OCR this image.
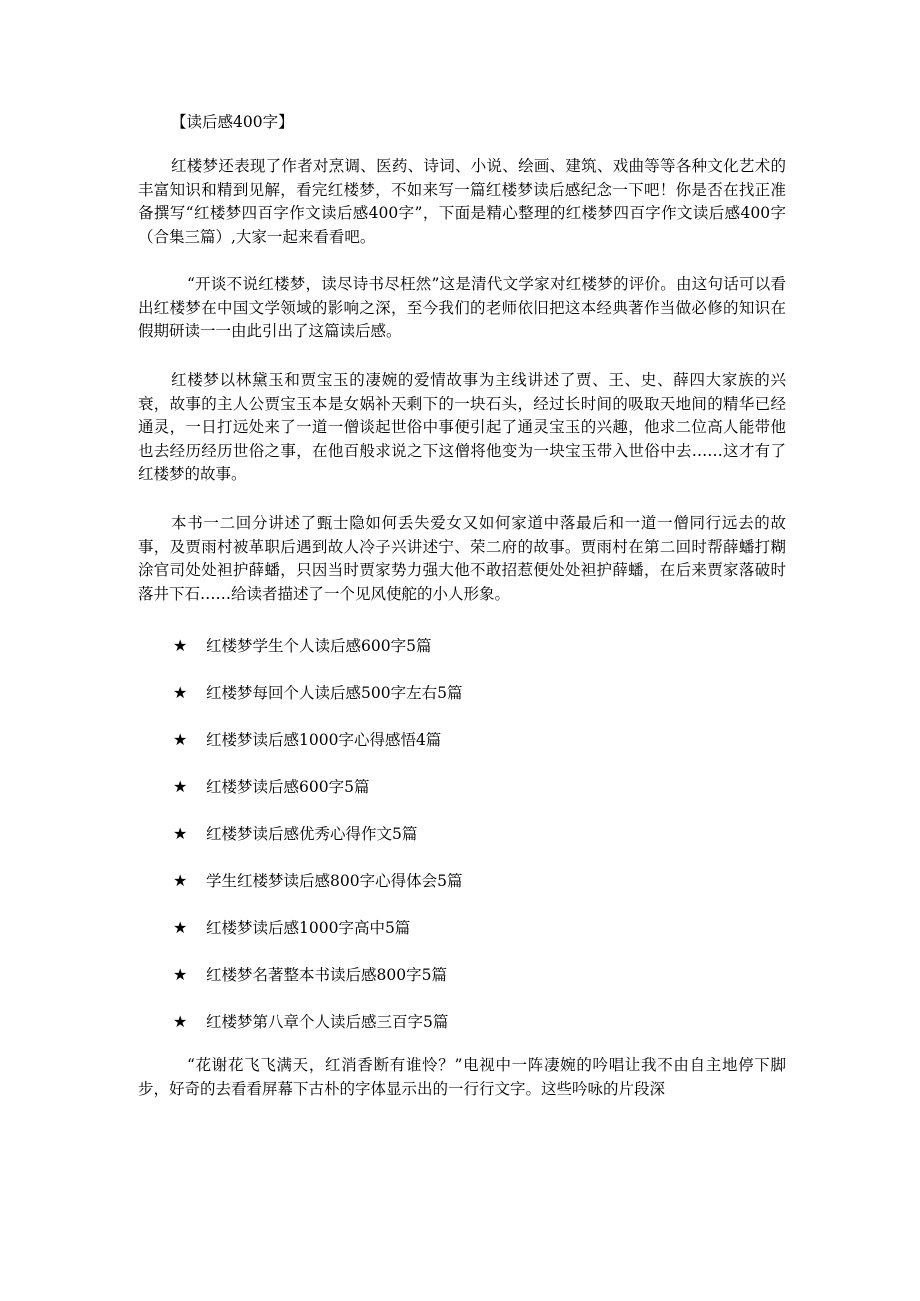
【读后感400字】

红楼梦还表现了作者对烹调、医药、诗词、小说、绘画、建筑、戏曲等等各种文化艺术的丰富知识和精到见解，看完红楼梦，不如来写一篇红楼梦读后感纪念一下吧！你是否在找正准备撰写“红楼梦四百字作文读后感400字”，下面是精心整理的红楼梦四百字作文读后感400字（合集三篇）,大家一起来看看吧。

“开谈不说红楼梦，读尽诗书尽枉然”这是清代文学家对红楼梦的评价。由这句话可以看出红楼梦在中国文学领域的影响之深，至今我们的老师依旧把这本经典著作当做必修的知识在假期研读一一由此引出了这篇读后感。

红楼梦以林黛玉和贾宝玉的凄婉的爱情故事为主线讲述了贾、王、史、薛四大家族的兴衰，故事的主人公贾宝玉本是女娲补天剩下的一块石头，经过长时间的吸取天地间的精华已经通灵，一日打远处来了一道一僧谈起世俗中事便引起了通灵宝玉的兴趣，他求二位高人能带他也去经历经历世俗之事，在他百般求说之下这僧将他变为一块宝玉带入世俗中去……这才有了红楼梦的故事。

本书一二回分讲述了甄士隐如何丢失爱女又如何家道中落最后和一道一僧同行远去的故事，及贾雨村被革职后遇到故人冷子兴讲述宁、荣二府的故事。贾雨村在第二回时帮薛蟠打糊涂官司处处袒护薛蟠，只因当时贾家势力强大他不敢招惹便处处袒护薛蟠，在后来贾家落破时落井下石……给读者描述了一个见风使舵的小人形象。

★ 红楼梦学生个人读后感600字5篇
★ 红楼梦每回个人读后感500字左右5篇
★ 红楼梦读后感1000字心得感悟4篇
★ 红楼梦读后感600字5篇
★ 红楼梦读后感优秀心得作文5篇
★ 学生红楼梦读后感800字心得体会5篇
★ 红楼梦读后感1000字高中5篇
★ 红楼梦名著整本书读后感800字5篇
★ 红楼梦第八章个人读后感三百字5篇

“花谢花飞飞满天，红消香断有谁怜？”电视中一阵凄婉的吟唱让我不由自主地停下脚步，好奇的去看看屏幕下古朴的字体显示出的一行行文字。这些吟咏的片段深
